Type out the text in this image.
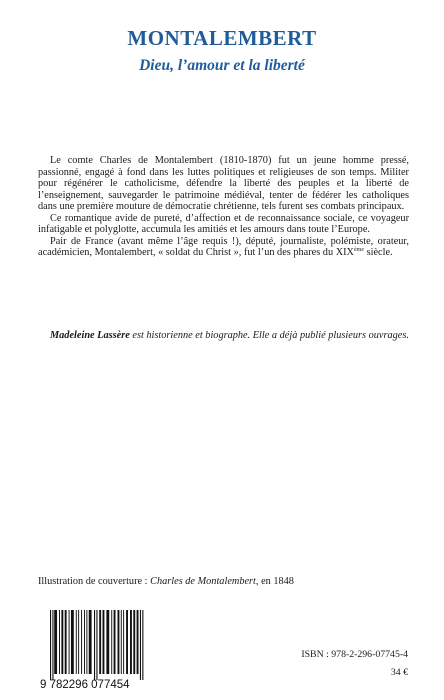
MONTALEMBERT
Dieu, l’amour et la liberté

Le comte Charles de Montalembert (1810-1870) fut un jeune homme pressé, passionné, engagé à fond dans les luttes politiques et religieuses de son temps. Militer pour régénérer le catholicisme, défendre la liberté des peuples et la liberté de l’enseignement, sauvegarder le patrimoine médiéval, tenter de fédérer les catholiques dans une première mouture de démocratie chrétienne, tels furent ses combats principaux.

Ce romantique avide de pureté, d’affection et de reconnaissance sociale, ce voyageur infatigable et polyglotte, accumula les amitiés et les amours dans toute l’Europe.

Pair de France (avant même l’âge requis !), député, journaliste, polémiste, orateur, académicien, Montalembert, « soldat du Christ », fut l’un des phares du XIXème siècle.

Madeleine Lassère est historienne et biographe. Elle a déjà publié plusieurs ouvrages.

Illustration de couverture : Charles de Montalembert, en 1848
9 782296 077454
ISBN : 978-2-296-07745-4
34 €
